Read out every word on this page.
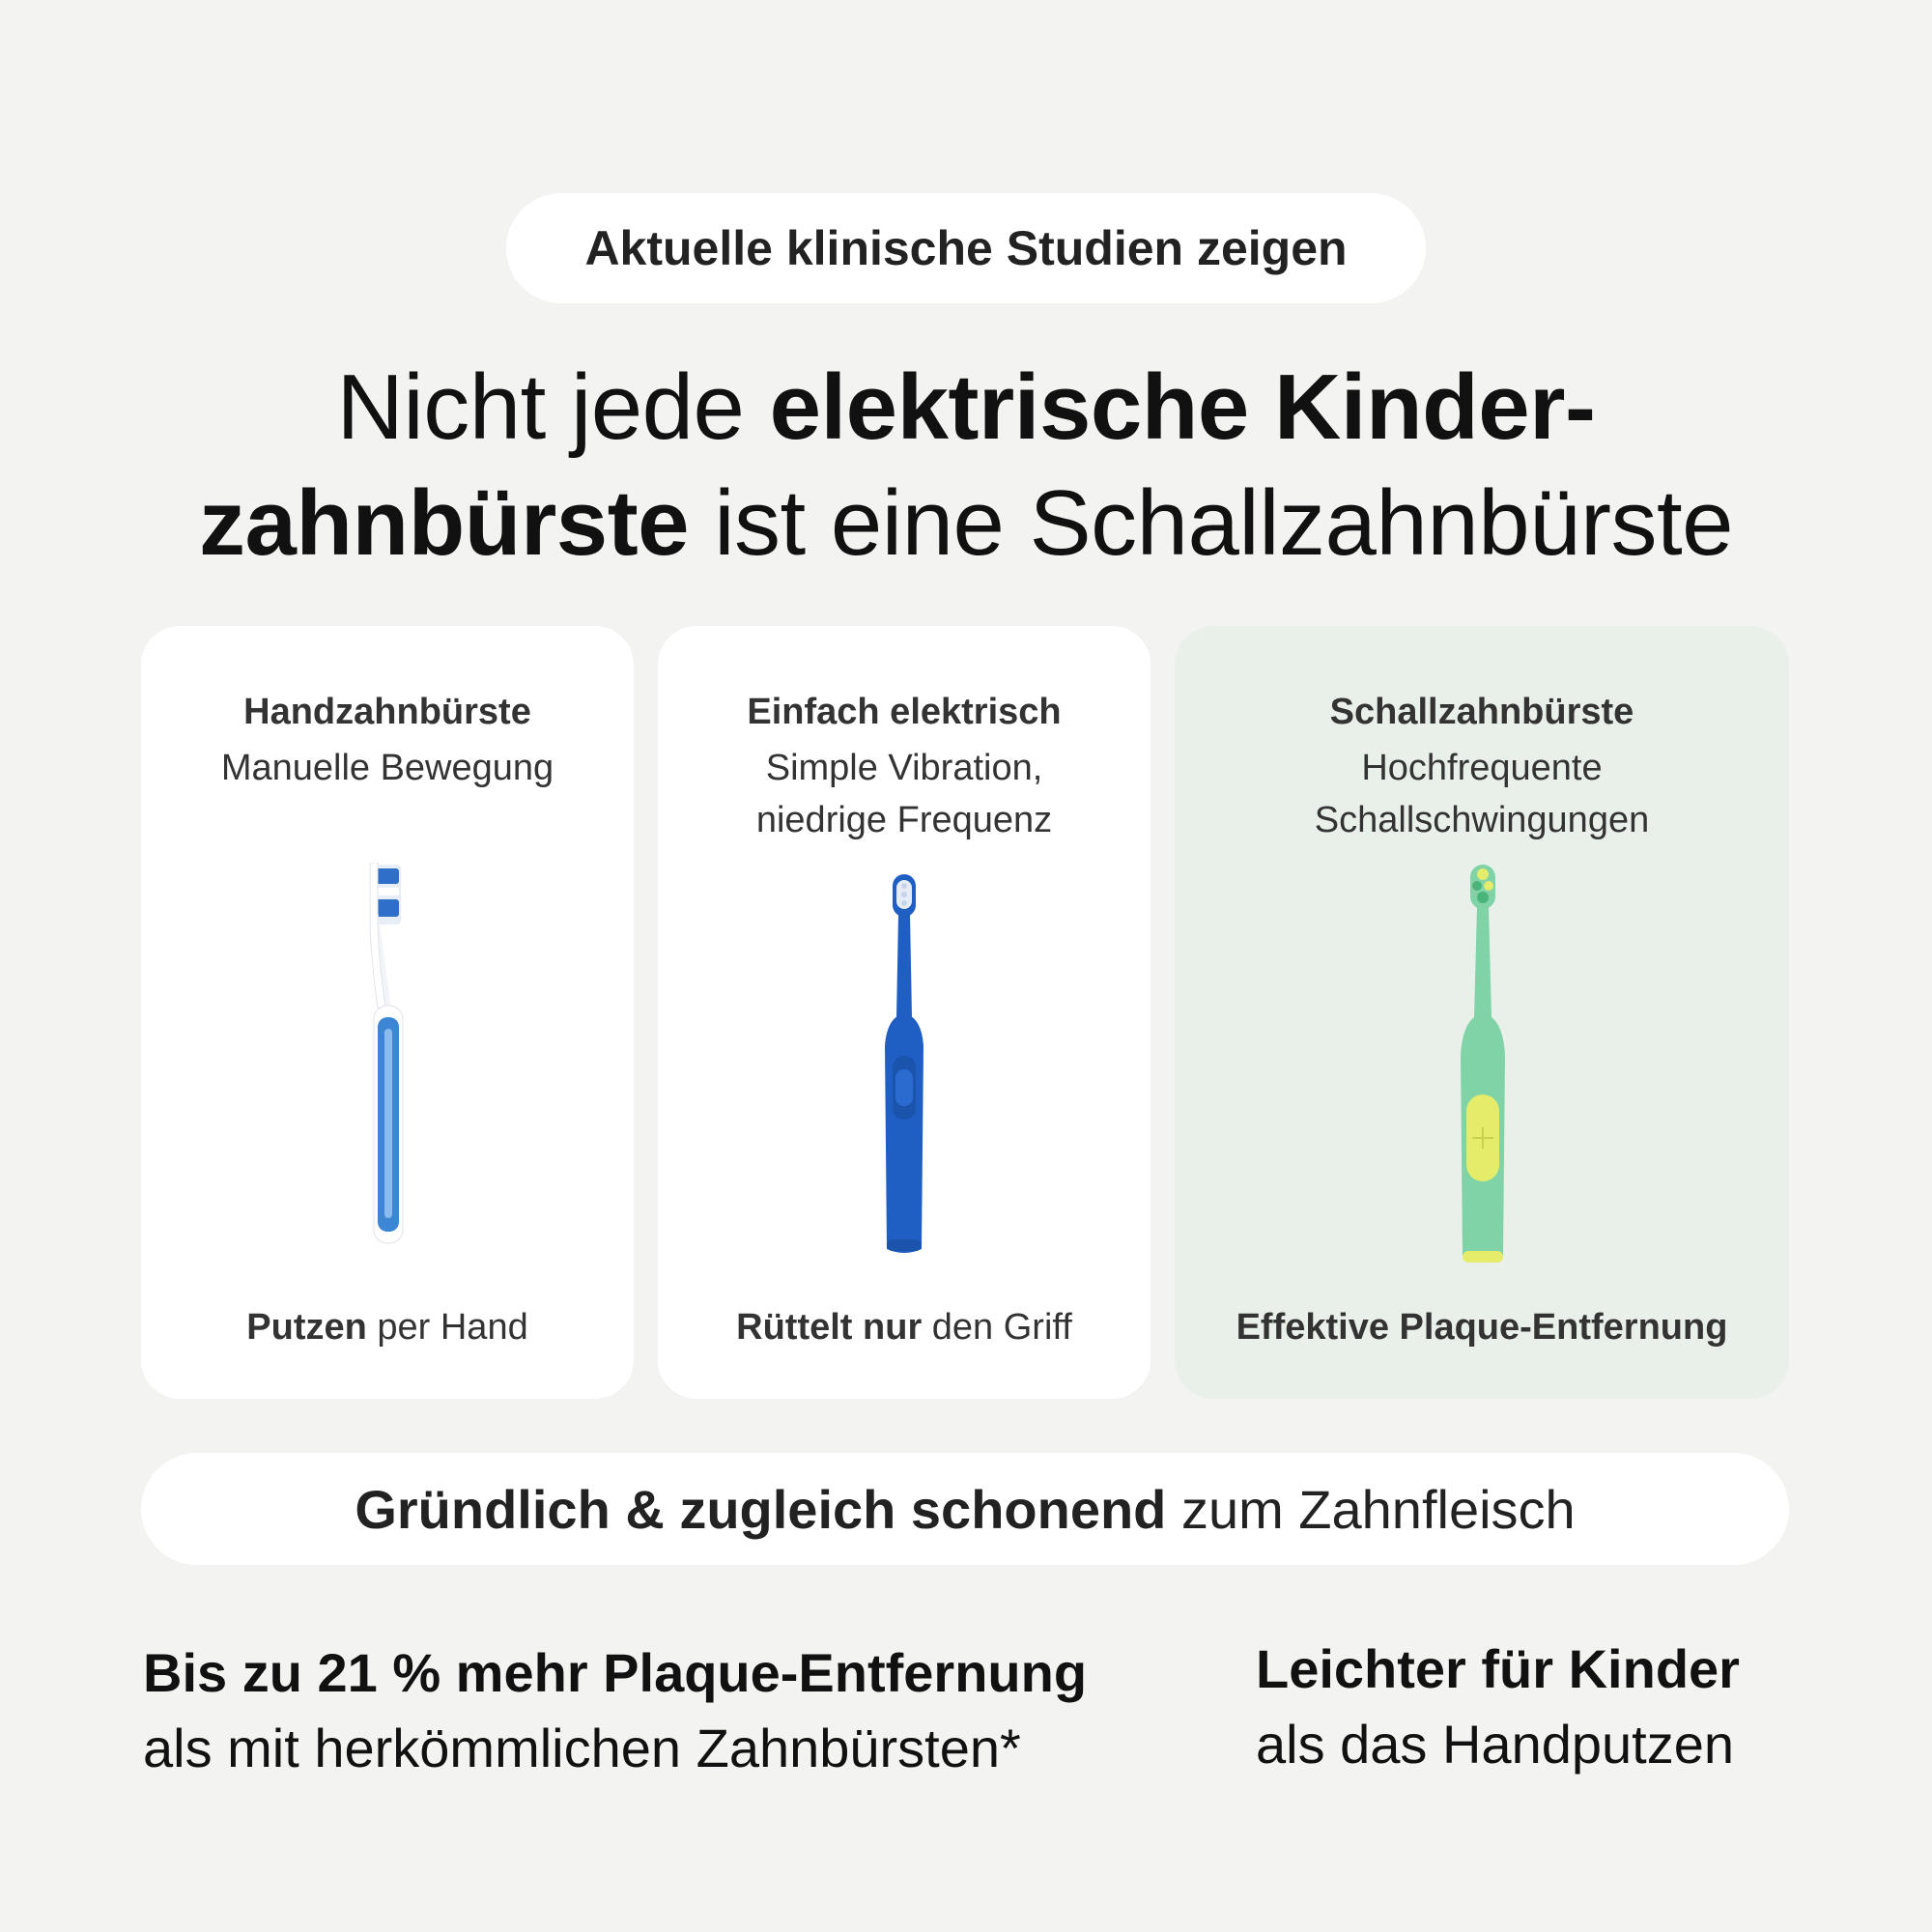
Aktuelle klinische Studien zeigen
Nicht jede elektrische Kinder-
zahnbürste ist eine Schallzahnbürste
Handzahnbürste
Manuelle Bewegung
Putzen per Hand
Einfach elektrisch
Simple Vibration,
niedrige Frequenz
Rüttelt nur den Griff
Schallzahnbürste
Hochfrequente
Schallschwingungen
Effektive Plaque-Entfernung
Gründlich & zugleich schonend zum Zahnfleisch
Bis zu 21 % mehr Plaque-Entfernung
als mit herkömmlichen Zahnbürsten*
Leichter für Kinder
als das Handputzen
